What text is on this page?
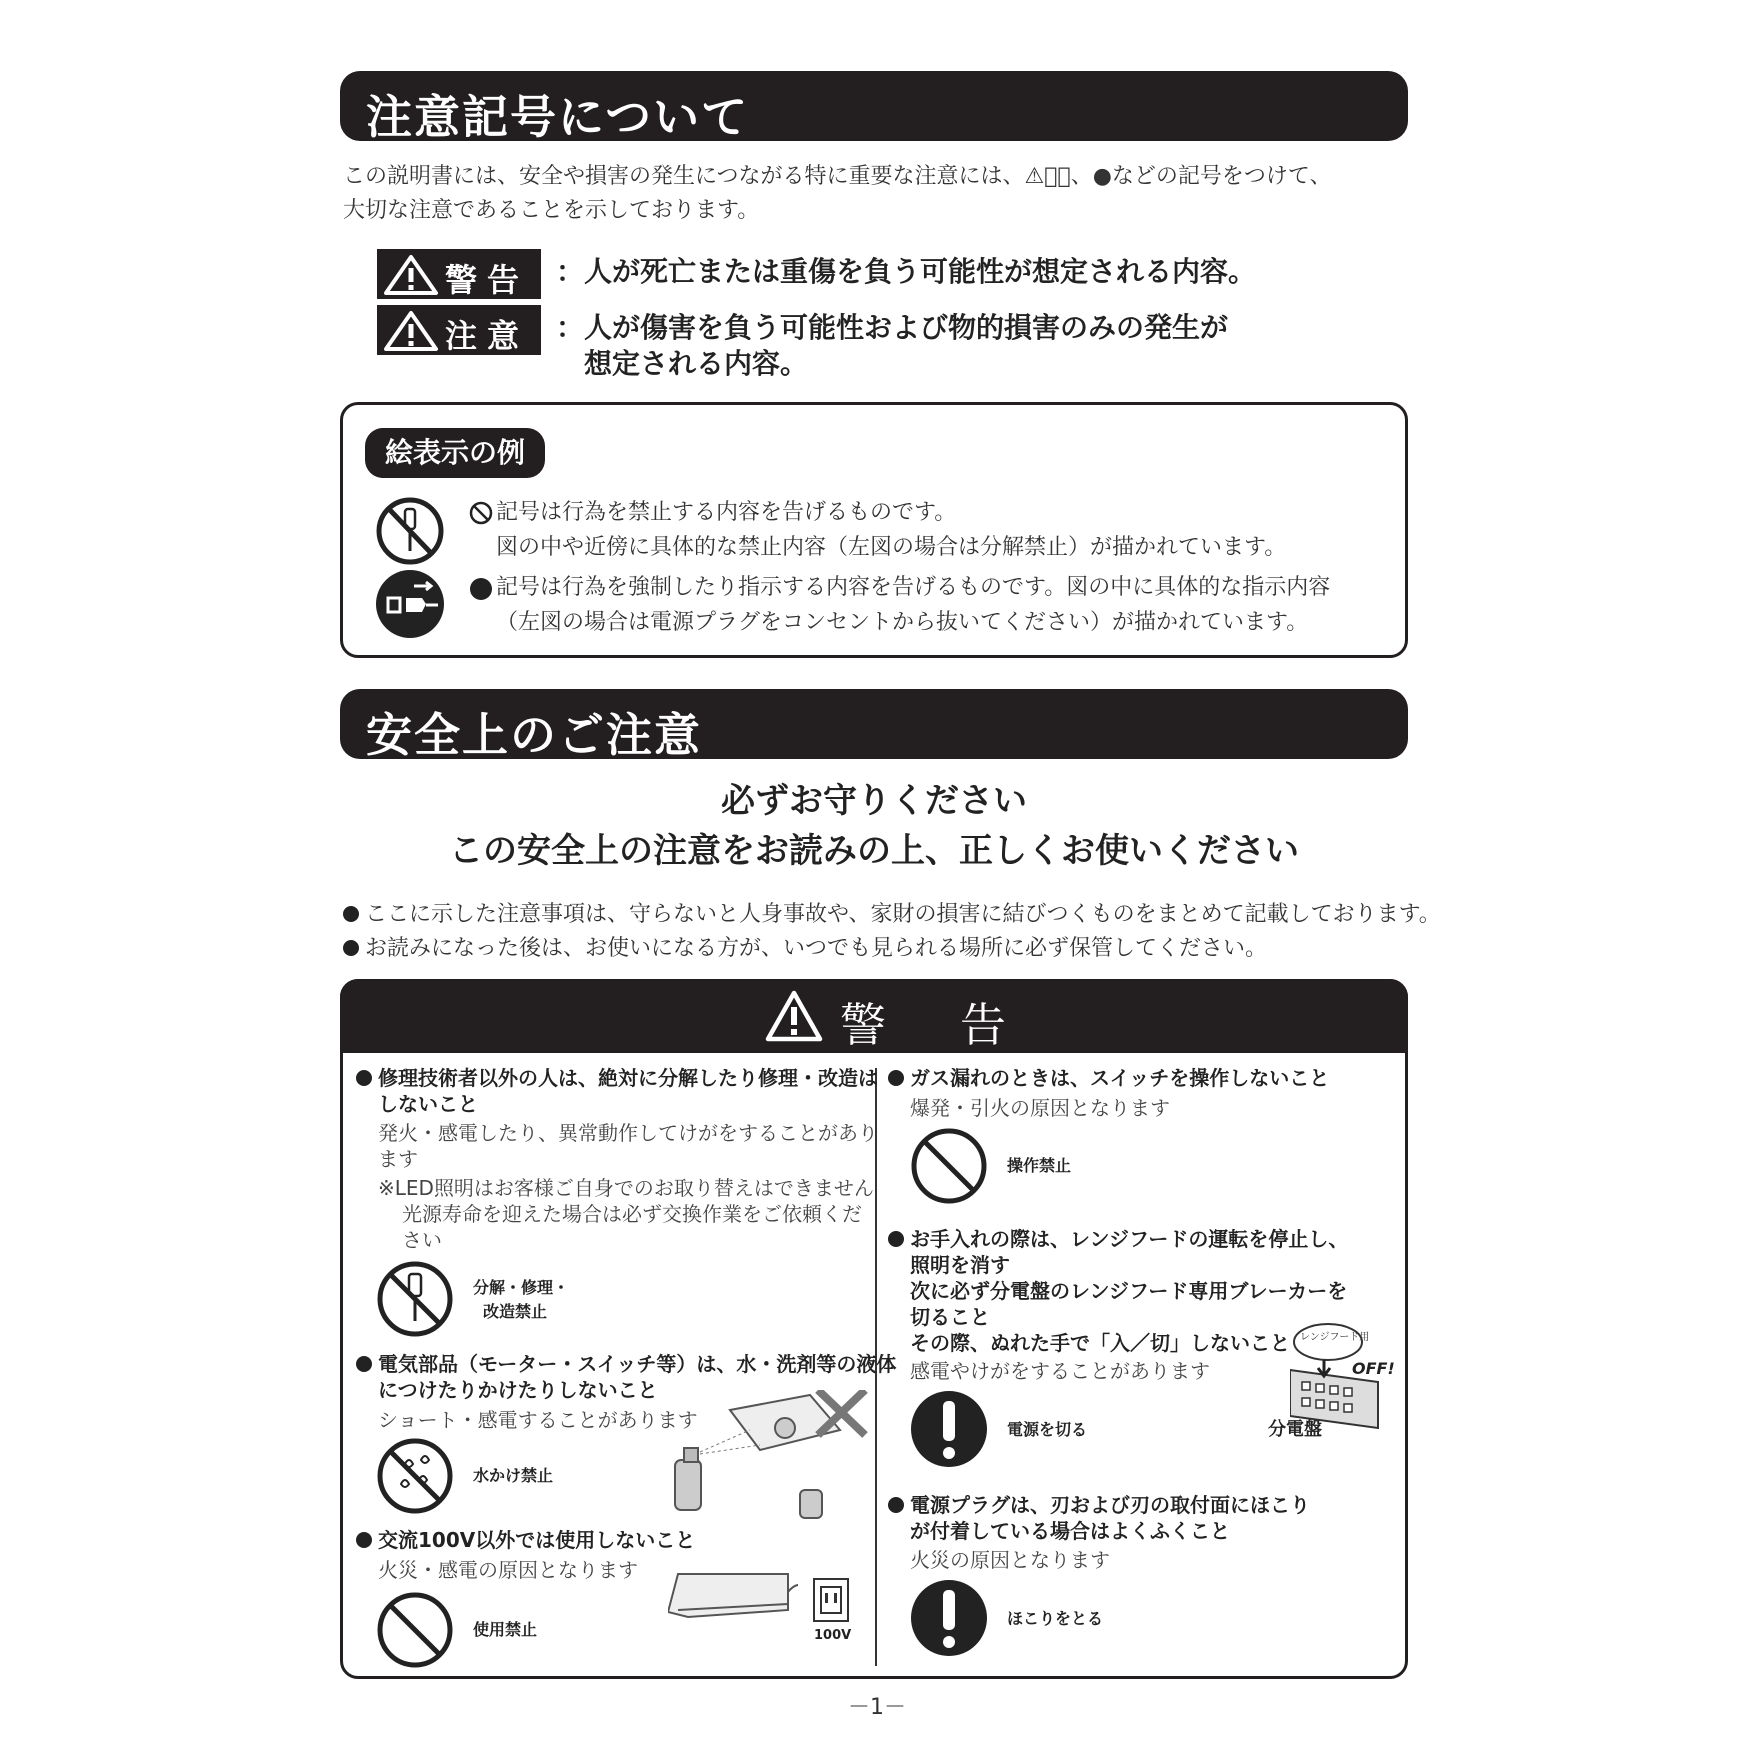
注意記号について
この説明書には、安全や損害の発生につながる特に重要な注意には、⚠、⃠、●などの記号をつけて、
大切な注意であることを示しております。
警告 ：人が死亡または重傷を負う可能性が想定される内容。
注意 ：人が傷害を負う可能性および物的損害のみの発生が
想定される内容。
絵表示の例
記号は行為を禁止する内容を告げるものです。
図の中や近傍に具体的な禁止内容（左図の場合は分解禁止）が描かれています。
記号は行為を強制したり指示する内容を告げるものです。図の中に具体的な指示内容
（左図の場合は電源プラグをコンセントから抜いてください）が描かれています。
安全上のご注意
必ずお守りください
この安全上の注意をお読みの上、正しくお使いください
ここに示した注意事項は、守らないと人身事故や、家財の損害に結びつくものをまとめて記載しております。
お読みになった後は、お使いになる方が、いつでも見られる場所に必ず保管してください。
警　告
修理技術者以外の人は、絶対に分解したり修理・改造は
しないこと
発火・感電したり、異常動作してけがをすることがあり
ます
※LED照明はお客様ご自身でのお取り替えはできません
光源寿命を迎えた場合は必ず交換作業をご依頼くだ
さい
分解・修理・
改造禁止
電気部品（モーター・スイッチ等）は、水・洗剤等の液体
につけたりかけたりしないこと
ショート・感電することがあります
水かけ禁止
交流100V以外では使用しないこと
火災・感電の原因となります
使用禁止	100V
ガス漏れのときは、スイッチを操作しないこと
爆発・引火の原因となります
操作禁止
お手入れの際は、レンジフードの運転を停止し、
照明を消す
次に必ず分電盤のレンジフード専用ブレーカーを
切ること
その際、ぬれた手で「入／切」しないこと
感電やけがをすることがあります
電源を切る	分電盤
レンジフード用
OFF!
電源プラグは、刃および刃の取付面にほこり
が付着している場合はよくふくこと
火災の原因となります
ほこりをとる
－1－
